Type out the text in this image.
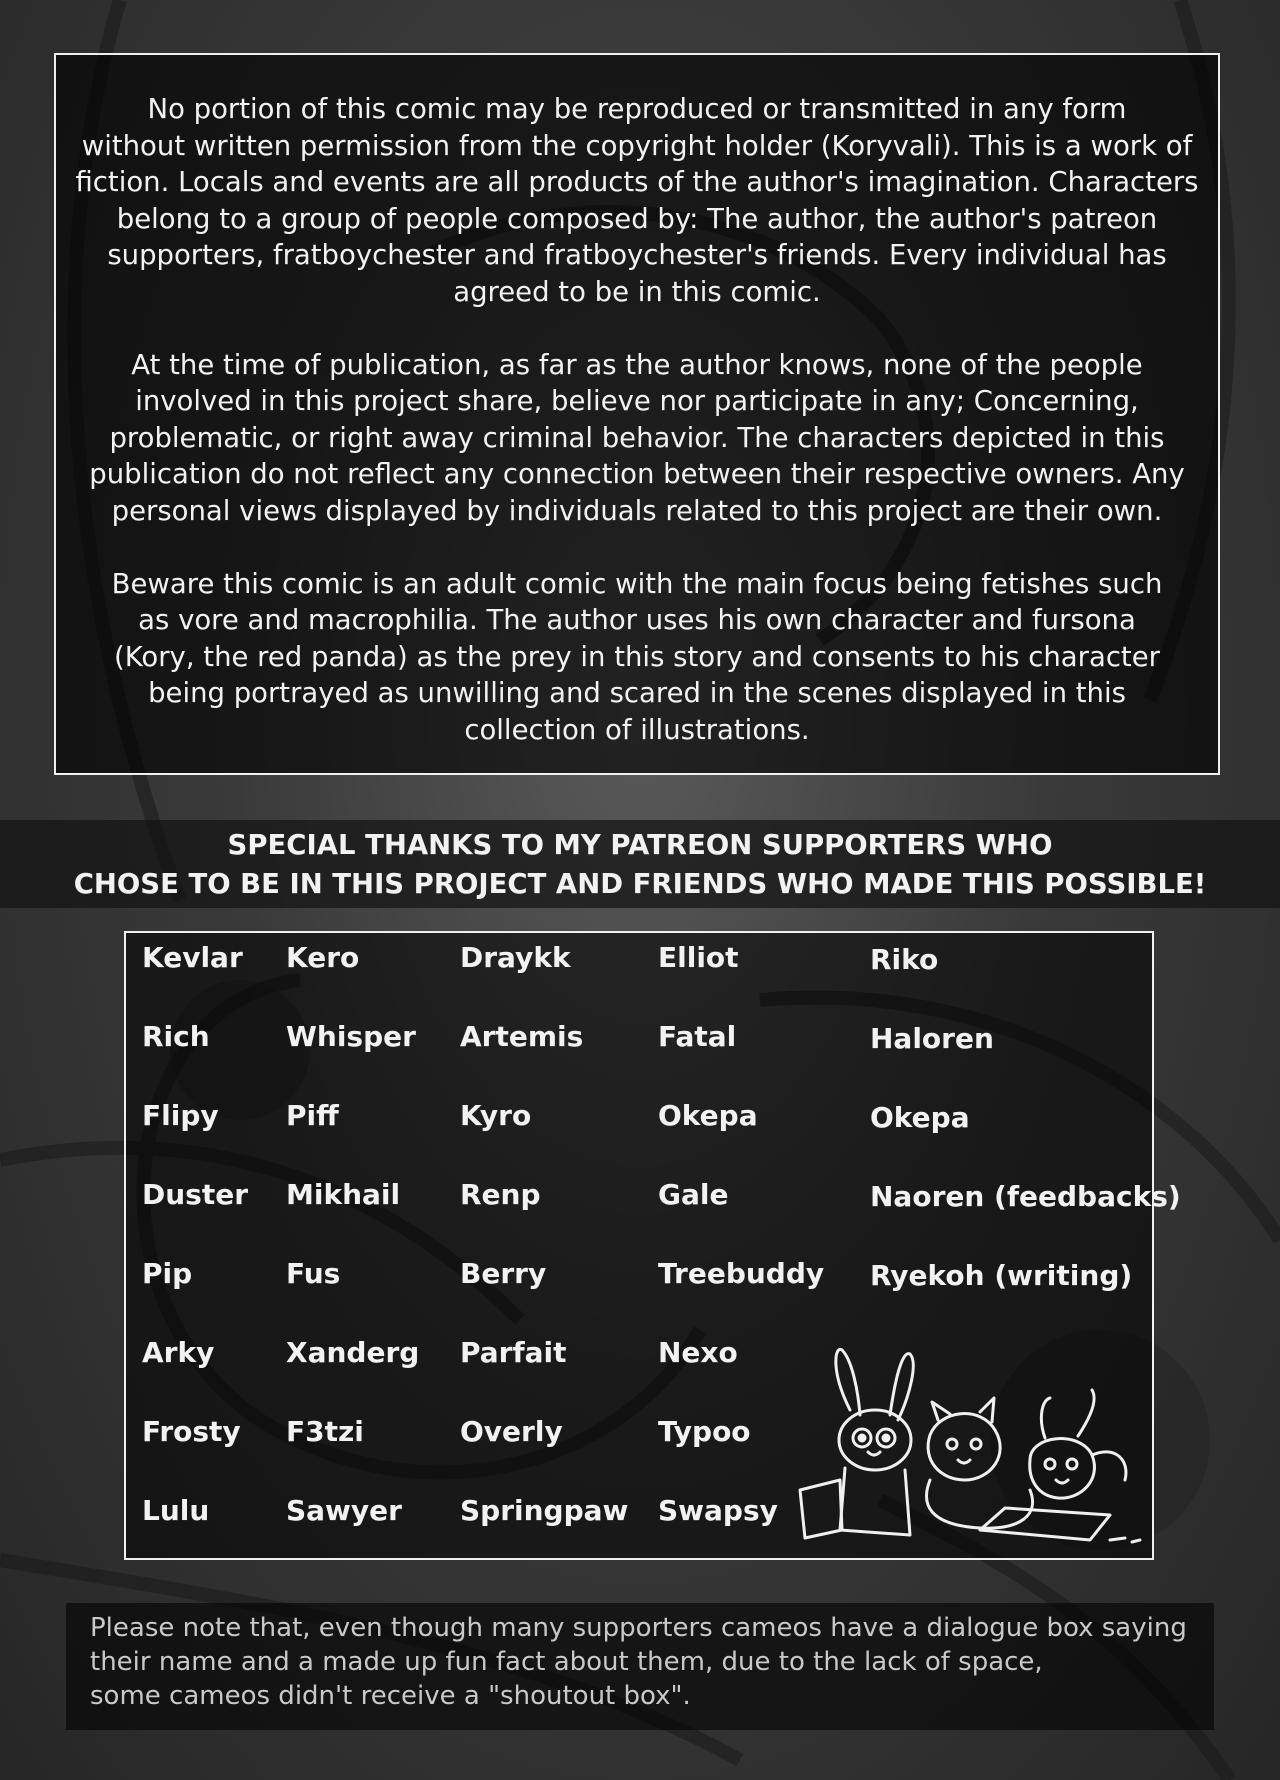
No portion of this comic may be reproduced or transmitted in any form
without written permission from the copyright holder (Koryvali). This is a work of
fiction. Locals and events are all products of the author's imagination. Characters
belong to a group of people composed by: The author, the author's patreon
supporters, fratboychester and fratboychester's friends. Every individual has
agreed to be in this comic.

At the time of publication, as far as the author knows, none of the people
involved in this project share, believe nor participate in any; Concerning,
problematic, or right away criminal behavior. The characters depicted in this
publication do not reflect any connection between their respective owners. Any
personal views displayed by individuals related to this project are their own.

Beware this comic is an adult comic with the main focus being fetishes such
as vore and macrophilia. The author uses his own character and fursona
(Kory, the red panda) as the prey in this story and consents to his character
being portrayed as unwilling and scared in the scenes displayed in this
collection of illustrations.

SPECIAL THANKS TO MY PATREON SUPPORTERS WHO
CHOSE TO BE IN THIS PROJECT AND FRIENDS WHO MADE THIS POSSIBLE!
Kevlar
Rich
Flipy
Duster
Pip
Arky
Frosty
Lulu
Kero
Whisper
Piff
Mikhail
Fus
Xanderg
F3tzi
Sawyer
Draykk
Artemis
Kyro
Renp
Berry
Parfait
Overly
Springpaw
Elliot
Fatal
Okepa
Gale
Treebuddy
Nexo
Typoo
Swapsy
Riko
Haloren
Okepa
Naoren (feedbacks)
Ryekoh (writing)
Please note that, even though many supporters cameos have a dialogue box saying
their name and a made up fun fact about them, due to the lack of space,
some cameos didn't receive a "shoutout box".
